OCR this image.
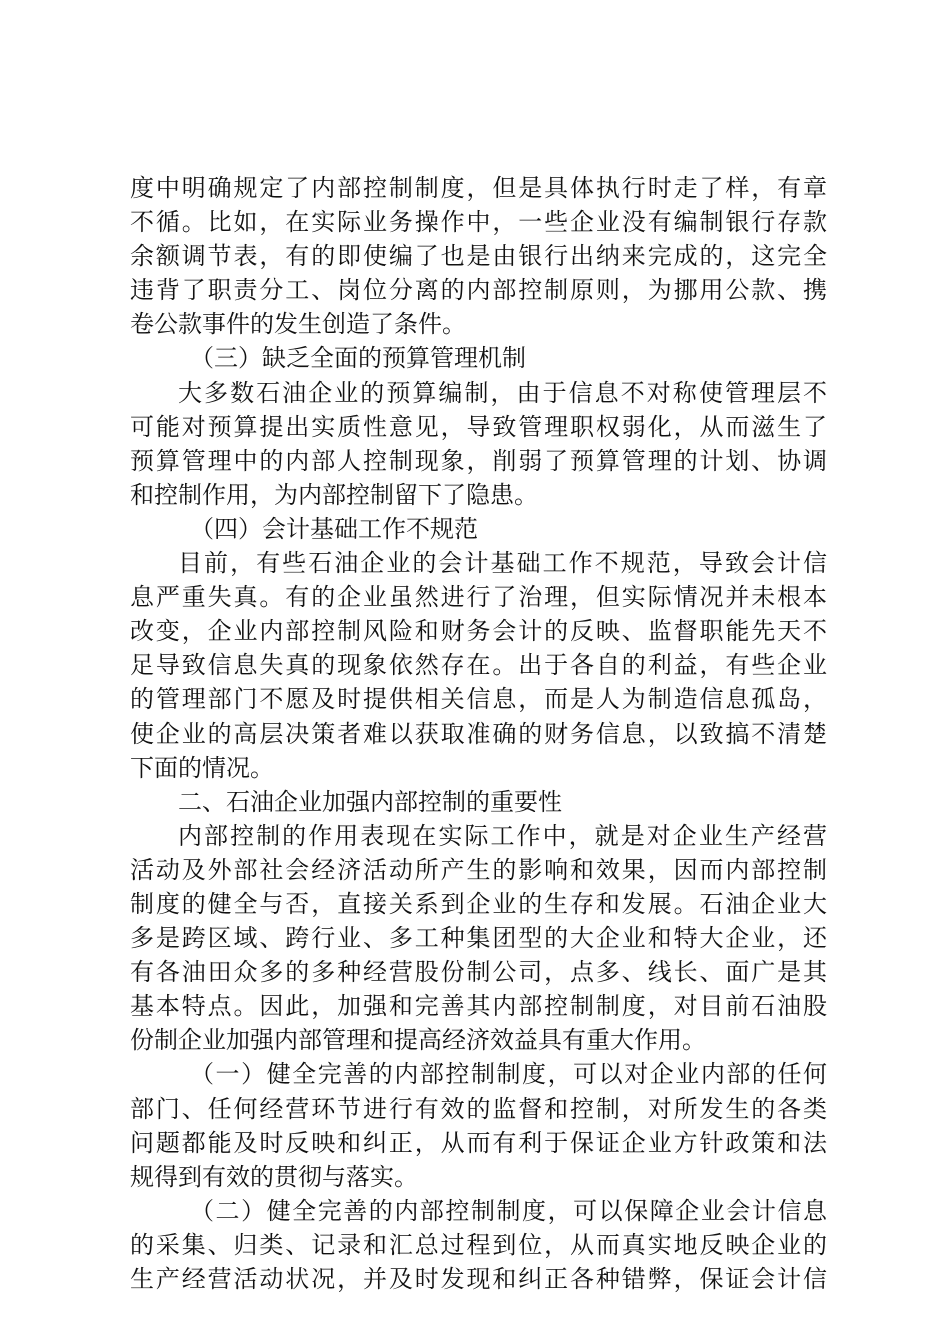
度中明确规定了内部控制制度，但是具体执行时走了样，有章
不循。比如，在实际业务操作中，一些企业没有编制银行存款
余额调节表，有的即使编了也是由银行出纳来完成的，这完全
违背了职责分工、岗位分离的内部控制原则，为挪用公款、携
卷公款事件的发生创造了条件。
（三）缺乏全面的预算管理机制
大多数石油企业的预算编制，由于信息不对称使管理层不
可能对预算提出实质性意见，导致管理职权弱化，从而滋生了
预算管理中的内部人控制现象，削弱了预算管理的计划、协调
和控制作用，为内部控制留下了隐患。
（四）会计基础工作不规范
目前，有些石油企业的会计基础工作不规范，导致会计信
息严重失真。有的企业虽然进行了治理，但实际情况并未根本
改变，企业内部控制风险和财务会计的反映、监督职能先天不
足导致信息失真的现象依然存在。出于各自的利益，有些企业
的管理部门不愿及时提供相关信息，而是人为制造信息孤岛，
使企业的高层决策者难以获取准确的财务信息，以致搞不清楚
下面的情况。
二、石油企业加强内部控制的重要性
内部控制的作用表现在实际工作中，就是对企业生产经营
活动及外部社会经济活动所产生的影响和效果，因而内部控制
制度的健全与否，直接关系到企业的生存和发展。石油企业大
多是跨区域、跨行业、多工种集团型的大企业和特大企业，还
有各油田众多的多种经营股份制公司，点多、线长、面广是其
基本特点。因此，加强和完善其内部控制制度，对目前石油股
份制企业加强内部管理和提高经济效益具有重大作用。
（一）健全完善的内部控制制度，可以对企业内部的任何
部门、任何经营环节进行有效的监督和控制，对所发生的各类
问题都能及时反映和纠正，从而有利于保证企业方针政策和法
规得到有效的贯彻与落实。
（二）健全完善的内部控制制度，可以保障企业会计信息
的采集、归类、记录和汇总过程到位，从而真实地反映企业的
生产经营活动状况，并及时发现和纠正各种错弊，保证会计信
